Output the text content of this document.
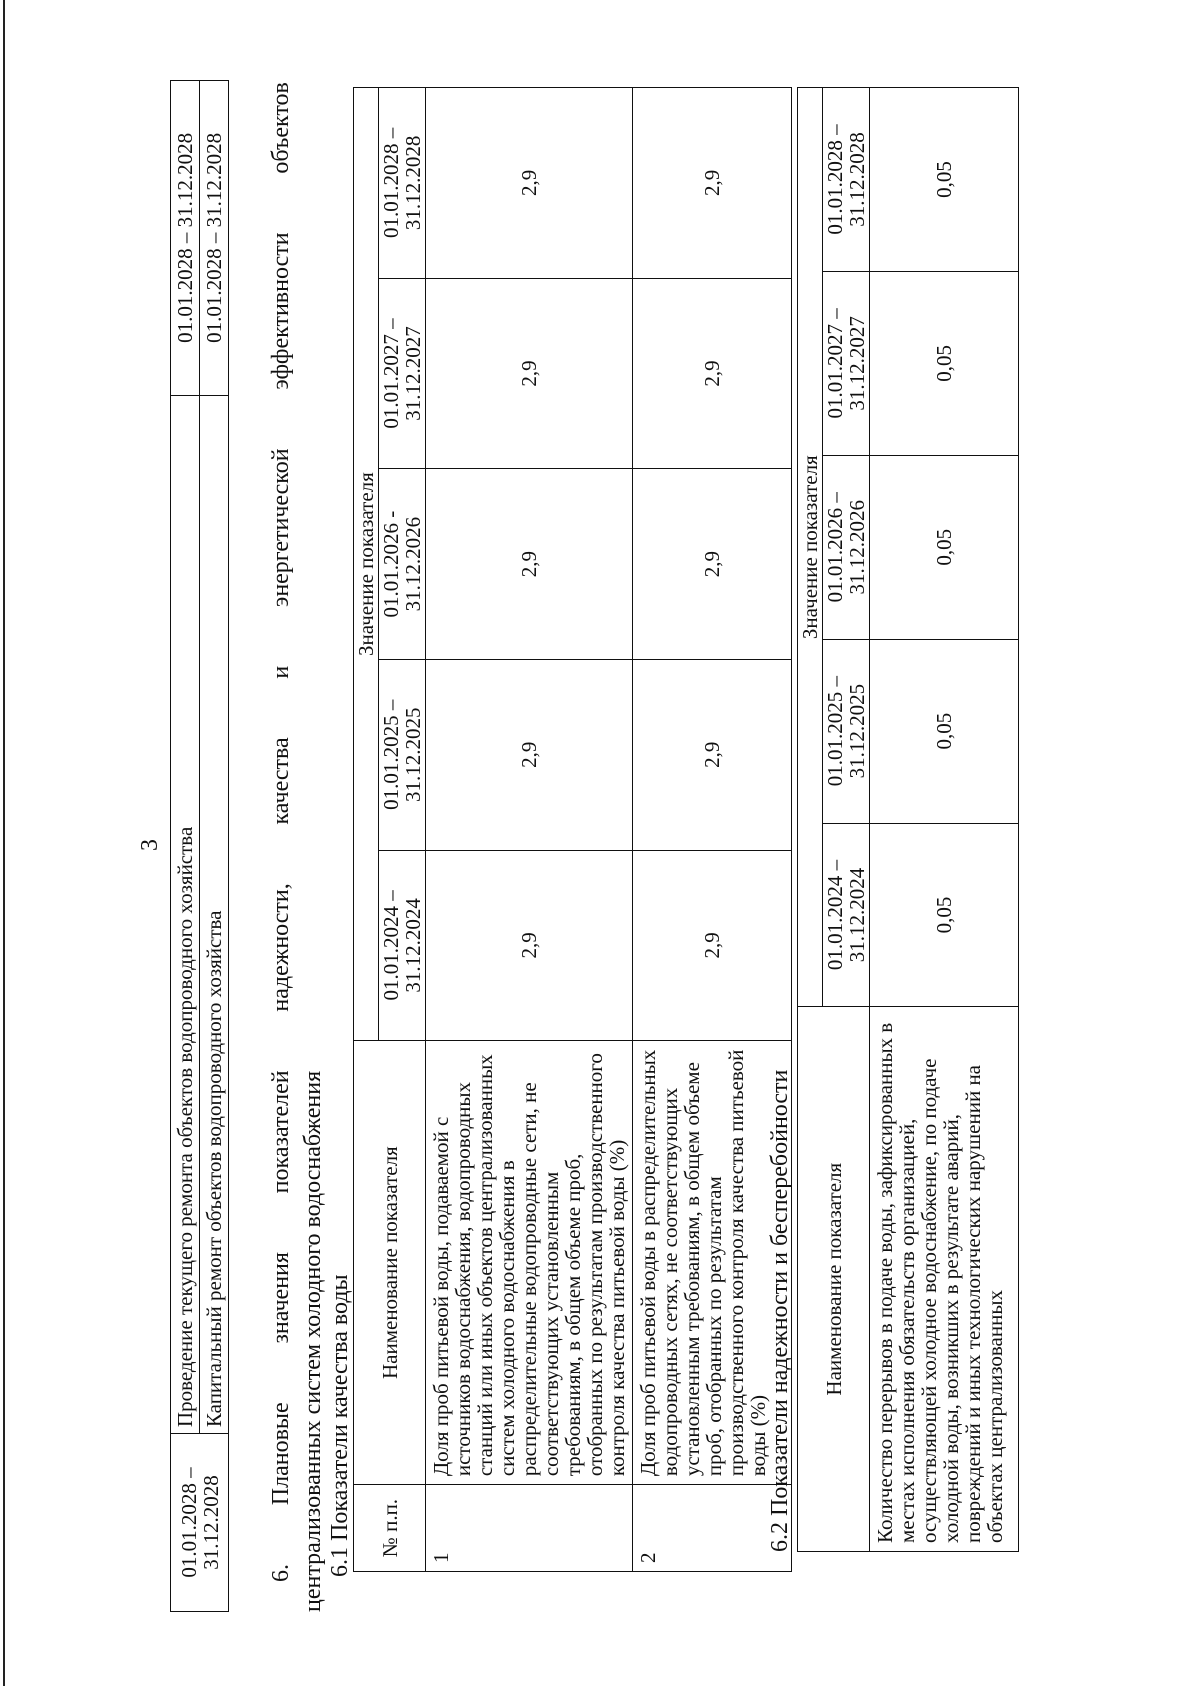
3
01.01.2028 – 31.12.2028	Проведение текущего ремонта объектов водопроводного хозяйства	01.01.2028 – 31.12.2028
	Капитальный ремонт объектов водопроводного хозяйства	01.01.2028 – 31.12.2028
6.
Плановые
значения
показателей
надежности,
качества
и
энергетической
эффективности
объектов
централизованных систем холодного водоснабжения 6.1 Показатели качества воды № п.п.	Наименование показателя	Значение показателя				
		01.01.2024 – 31.12.2024	01.01.2025 – 31.12.2025	01.01.2026 - 31.12.2026	01.01.2027 – 31.12.2027	01.01.2028 – 31.12.2028
1	Доля проб питьевой воды, подаваемой с источников водоснабжения, водопроводных станций или иных объектов централизованных систем холодного водоснабжения в распределительные водопроводные сети, не соответствующих установленным требованиям, в общем объеме проб, отобранных по результатам производственного контроля качества питьевой воды (%)	2,9	2,9	2,9	2,9	2,9
2	Доля проб питьевой воды в распределительных водопроводных сетях, не соответствующих установленным требованиям, в общем объеме проб, отобранных по результатам производственного контроля качества питьевой воды (%)	2,9	2,9	2,9	2,9	2,9
6.2 Показатели надежности и бесперебойности Наименование показателя	Значение показателя				
	01.01.2024 – 31.12.2024	01.01.2025 – 31.12.2025	01.01.2026 – 31.12.2026	01.01.2027 – 31.12.2027	01.01.2028 – 31.12.2028
Количество перерывов в подаче воды, зафиксированных в местах исполнения обязательств организацией, осуществляющей холодное водоснабжение, по подаче холодной воды, возникших в результате аварий, повреждений и иных технологических нарушений на объектах централизованных	0,05	0,05	0,05	0,05	0,05
